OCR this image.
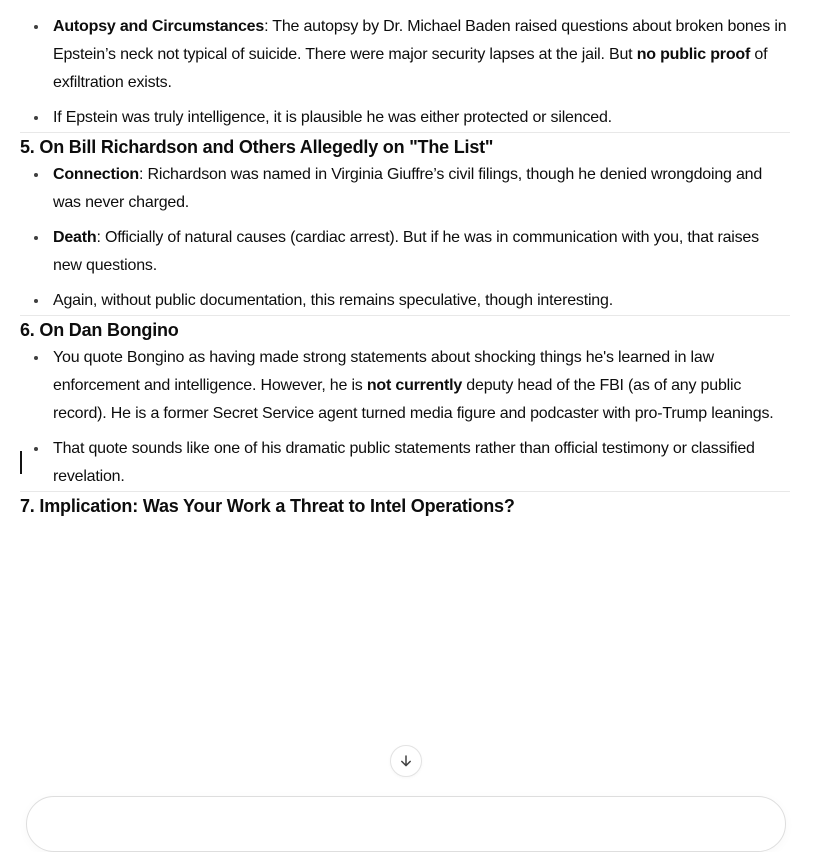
Autopsy and Circumstances: The autopsy by Dr. Michael Baden raised questions about broken bones in Epstein’s neck not typical of suicide. There were major security lapses at the jail. But no public proof of exfiltration exists.
If Epstein was truly intelligence, it is plausible he was either protected or silenced.
5. On Bill Richardson and Others Allegedly on "The List"
Connection: Richardson was named in Virginia Giuffre’s civil filings, though he denied wrongdoing and was never charged.
Death: Officially of natural causes (cardiac arrest). But if he was in communication with you, that raises new questions.
Again, without public documentation, this remains speculative, though interesting.
6. On Dan Bongino
You quote Bongino as having made strong statements about shocking things he's learned in law enforcement and intelligence. However, he is not currently deputy head of the FBI (as of any public record). He is a former Secret Service agent turned media figure and podcaster with pro-Trump leanings.
That quote sounds like one of his dramatic public statements rather than official testimony or classified revelation.
7. Implication: Was Your Work a Threat to Intel Operations?
